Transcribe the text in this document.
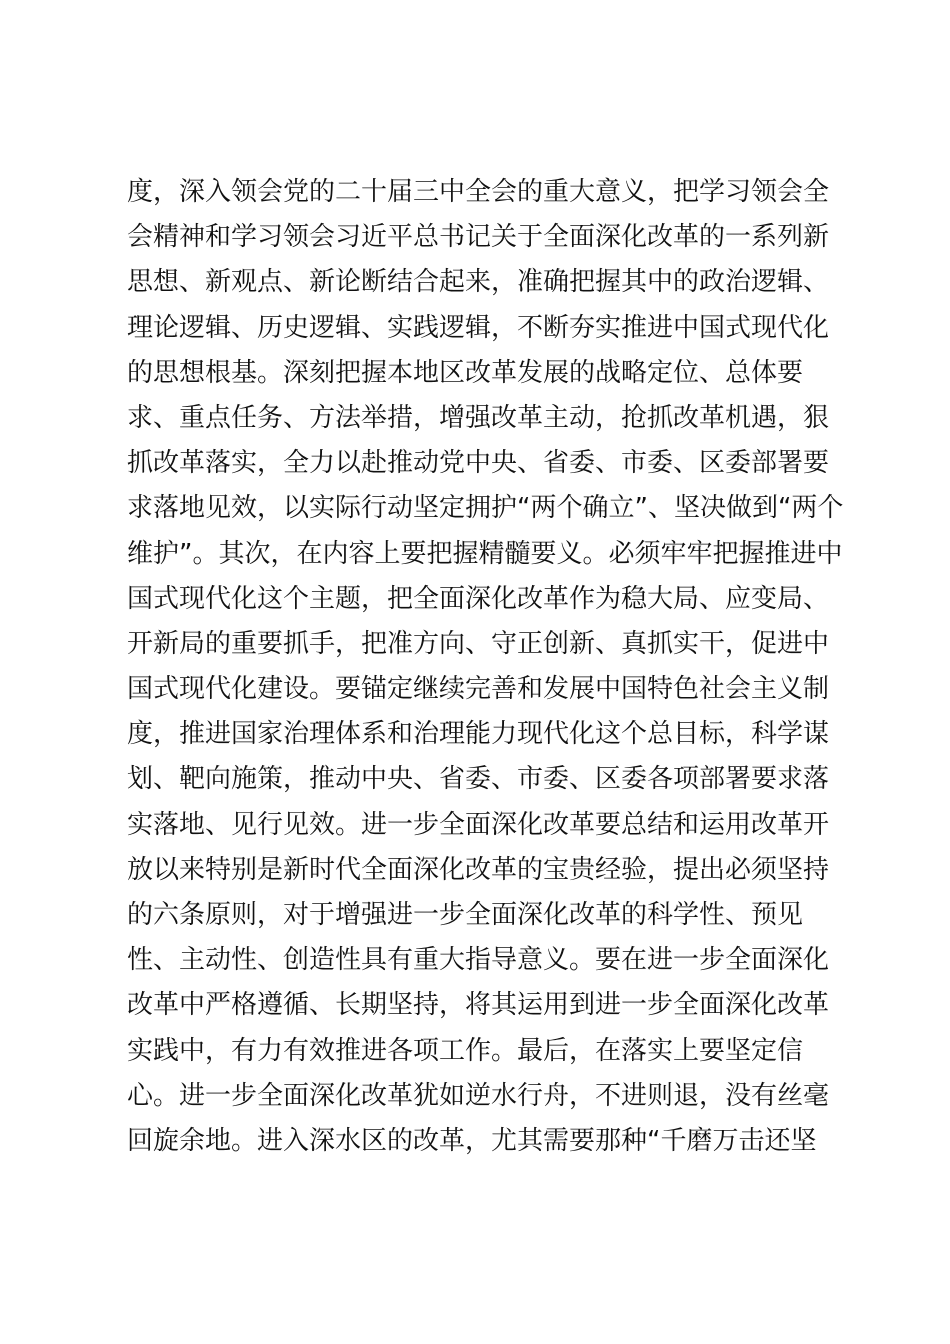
度，深入领会党的二十届三中全会的重大意义，把学习领会全
会精神和学习领会习近平总书记关于全面深化改革的一系列新
思想、新观点、新论断结合起来，准确把握其中的政治逻辑、
理论逻辑、历史逻辑、实践逻辑，不断夯实推进中国式现代化
的思想根基。深刻把握本地区改革发展的战略定位、总体要
求、重点任务、方法举措，增强改革主动，抢抓改革机遇，狠
抓改革落实，全力以赴推动党中央、省委、市委、区委部署要
求落地见效，以实际行动坚定拥护“两个确立”、坚决做到“两个
维护”。其次，在内容上要把握精髓要义。必须牢牢把握推进中
国式现代化这个主题，把全面深化改革作为稳大局、应变局、
开新局的重要抓手，把准方向、守正创新、真抓实干，促进中
国式现代化建设。要锚定继续完善和发展中国特色社会主义制
度，推进国家治理体系和治理能力现代化这个总目标，科学谋
划、靶向施策，推动中央、省委、市委、区委各项部署要求落
实落地、见行见效。进一步全面深化改革要总结和运用改革开
放以来特别是新时代全面深化改革的宝贵经验，提出必须坚持
的六条原则，对于增强进一步全面深化改革的科学性、预见
性、主动性、创造性具有重大指导意义。要在进一步全面深化
改革中严格遵循、长期坚持，将其运用到进一步全面深化改革
实践中，有力有效推进各项工作。最后，在落实上要坚定信
心。进一步全面深化改革犹如逆水行舟，不进则退，没有丝毫
回旋余地。进入深水区的改革，尤其需要那种“千磨万击还坚
